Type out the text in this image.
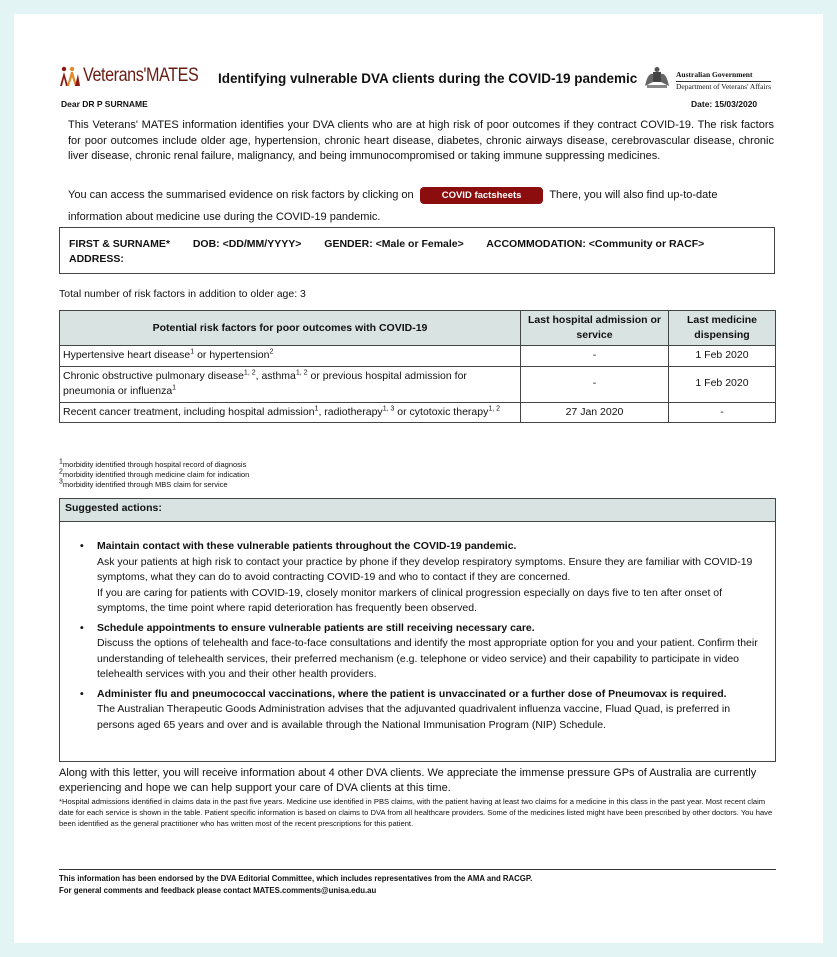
Veterans'MATES Identifying vulnerable DVA clients during the COVID-19 pandemic	Australian Government
Department of Veterans' Affairs
Dear DR P SURNAME	Date: 15/03/2020
This Veterans' MATES information identifies your DVA clients who are at high risk of poor outcomes if they contract COVID-19. The risk factors for poor outcomes include older age, hypertension, chronic heart disease, diabetes, chronic airways disease, cerebrovascular disease, chronic liver disease, chronic renal failure, malignancy, and being immunocompromised or taking immune suppressing medicines.
You can access the summarised evidence on risk factors by clicking on	COVID factsheets	There, you will also find up-to-date information about medicine use during the COVID-19 pandemic.
FIRST & SURNAME* DOB: <DD/MM/YYYY> GENDER: <Male or Female> ACCOMMODATION: <Community or RACF>
ADDRESS:
Total number of risk factors in addition to older age: 3
Potential risk factors for poor outcomes with COVID-19	Last hospital admission or service	Last medicine dispensing
Hypertensive heart disease$^1$ or hypertension$^2$	-	1 Feb 2020
Chronic obstructive pulmonary disease$^{1, 2}$, asthma$^{1, 2}$ or previous hospital admission for pneumonia or influenza$^1$	-	1 Feb 2020
Recent cancer treatment, including hospital admission$^1$, radiotherapy$^{1, 3}$ or cytotoxic therapy$^{1, 2}$	27 Jan 2020	-
$^1$morbidity identified through hospital record of diagnosis
$^2$morbidity identified through medicine claim for indication
$^3$morbidity identified through MBS claim for service
Suggested actions:
• Maintain contact with these vulnerable patients throughout the COVID-19 pandemic.
Ask your patients at high risk to contact your practice by phone if they develop respiratory symptoms. Ensure they are familiar with COVID-19 symptoms, what they can do to avoid contracting COVID-19 and who to contact if they are concerned.
If you are caring for patients with COVID-19, closely monitor markers of clinical progression especially on days five to ten after onset of symptoms, the time point where rapid deterioration has frequently been observed.
• Schedule appointments to ensure vulnerable patients are still receiving necessary care.
Discuss the options of telehealth and face-to-face consultations and identify the most appropriate option for you and your patient. Confirm their understanding of telehealth services, their preferred mechanism (e.g. telephone or video service) and their capability to participate in video telehealth services with you and their other health providers.
• Administer flu and pneumococcal vaccinations, where the patient is unvaccinated or a further dose of Pneumovax is required.
The Australian Therapeutic Goods Administration advises that the adjuvanted quadrivalent influenza vaccine, Fluad Quad, is preferred in persons aged 65 years and over and is available through the National Immunisation Program (NIP) Schedule.
Along with this letter, you will receive information about 4 other DVA clients. We appreciate the immense pressure GPs of Australia are currently experiencing and hope we can help support your care of DVA clients at this time.
*Hospital admissions identified in claims data in the past five years. Medicine use identified in PBS claims, with the patient having at least two claims for a medicine in this class in the past year. Most recent claim date for each service is shown in the table. Patient specific information is based on claims to DVA from all healthcare providers. Some of the medicines listed might have been prescribed by other doctors. You have been identified as the general practitioner who has written most of the recent prescriptions for this patient.
This information has been endorsed by the DVA Editorial Committee, which includes representatives from the AMA and RACGP.
For general comments and feedback please contact MATES.comments@unisa.edu.au
